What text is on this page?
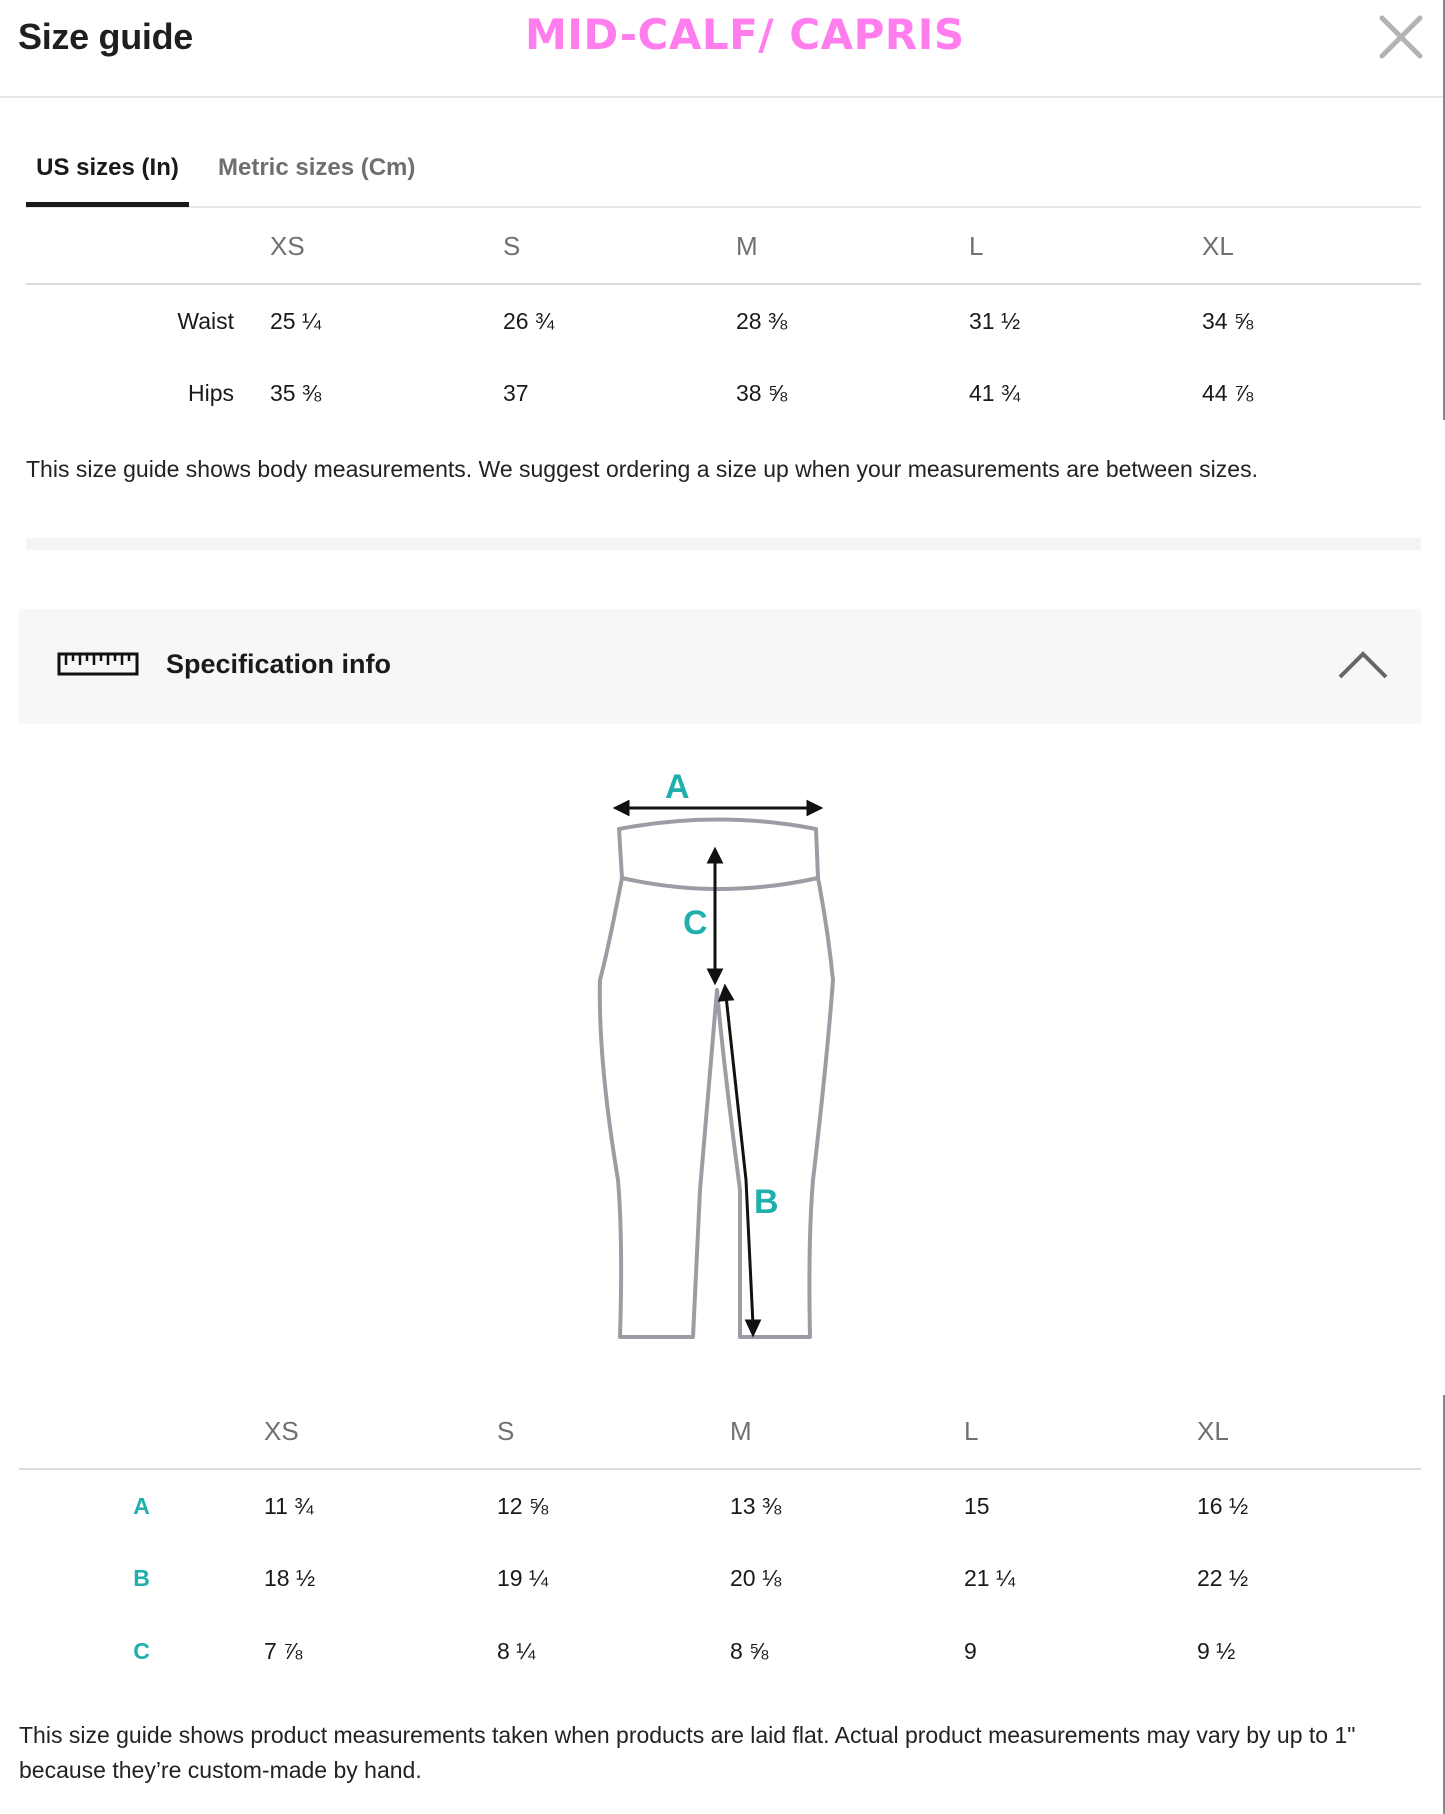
Size guide	MID-CALF/ CAPRIS
US sizes (In)	Metric sizes (Cm)
	XS	S	M	L	XL
Waist	25 ¼	26 ¾	28 ⅜	31 ½	34 ⅝
Hips	35 ⅜	37	38 ⅝	41 ¾	44 ⅞
This size guide shows body measurements. We suggest ordering a size up when your measurements are between sizes.
Specification info
A
C
B
	XS	S	M	L	XL
A	11 ¾	12 ⅝	13 ⅜	15	16 ½
B	18 ½	19 ¼	20 ⅛	21 ¼	22 ½
C	7 ⅞	8 ¼	8 ⅝	9	9 ½
This size guide shows product measurements taken when products are laid flat. Actual product measurements may vary by up to 1" because they’re custom-made by hand.
